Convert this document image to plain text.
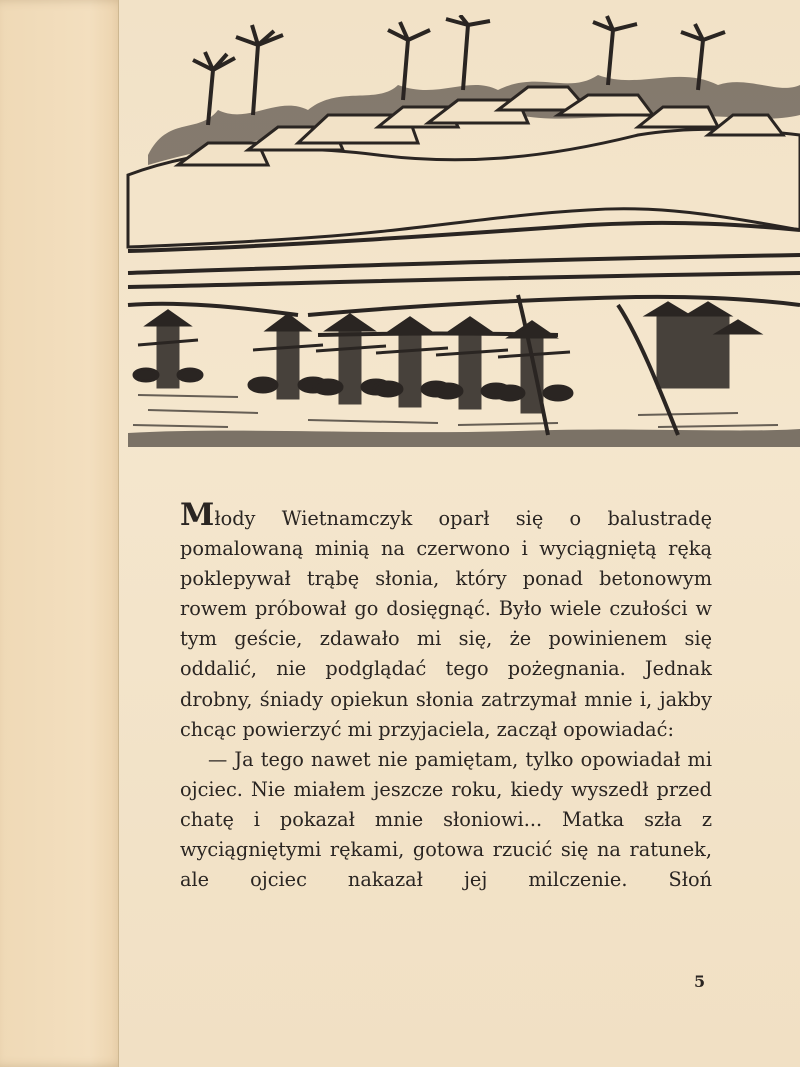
Młody Wietnamczyk oparł się o balustradę pomalowaną minią na czerwono i wyciągniętą ręką poklepywał trąbę słonia, który ponad betonowym rowem próbował go dosięgnąć. Było wiele czułości w tym geście, zdawało mi się, że powinienem się oddalić, nie podglądać tego pożegnania. Jednak drobny, śniady opiekun słonia zatrzymał mnie i, jakby chcąc powierzyć mi przyjaciela, zaczął opowiadać:

— Ja tego nawet nie pamiętam, tylko opowiadał mi ojciec. Nie miałem jeszcze roku, kiedy wyszedł przed chatę i pokazał mnie słoniowi... Matka szła z wyciągniętymi rękami, gotowa rzucić się na ratunek, ale ojciec nakazał jej milczenie. Słoń

5
